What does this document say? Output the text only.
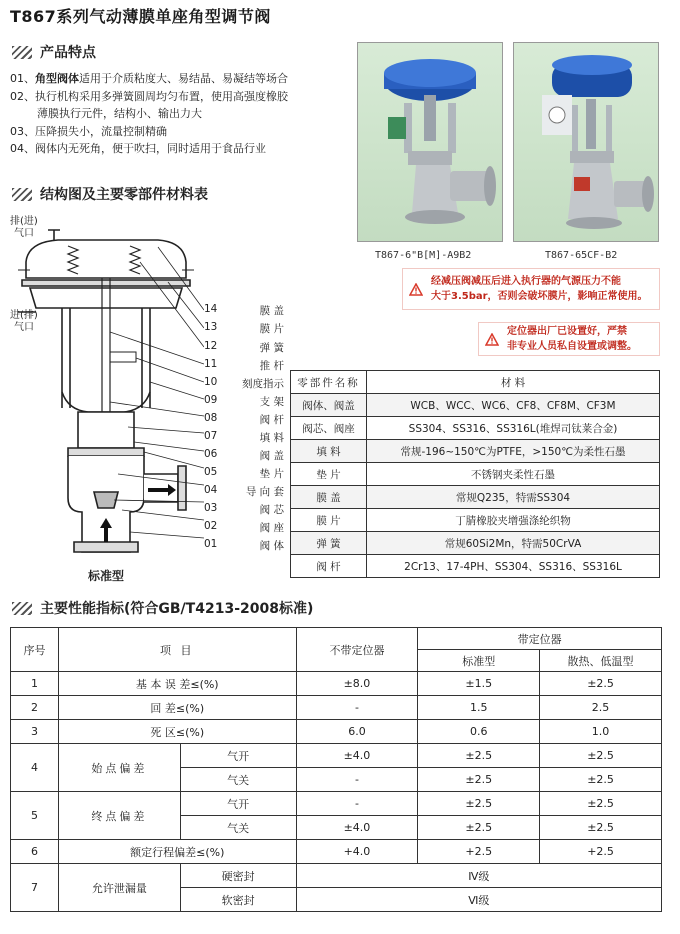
T867系列气动薄膜单座角型调节阀
产品特点
01、角型阀体适用于介质粘度大、易结晶、易凝结等场合
02、执行机构采用多弹簧圆周均匀布置，使用高强度橡胶
薄膜执行元件，结构小、输出力大
03、压降损失小，流量控制精确
04、阀体内无死角，便于吹扫，同时适用于食品行业
T867-6"B[M]-A9B2	T867-65CF-B2
经减压阀减压后进入执行器的气源压力不能
大于3.5bar，否则会破坏膜片，影响正常使用。
定位器出厂已设置好，严禁
非专业人员私自设置或调整。
结构图及主要零部件材料表
排(进)
气口
进(排)
气口
标准型
14	膜 盖
13	膜 片
12	弹 簧
11	推 杆
10 刻度指示
09	支 架
08	阀 杆
07	填 料
06	阀 盖
05	垫 片
04	导 向 套
03	阀 芯
02	阀 座
01	阀 体
零部件名称	材 料
阀体、阀盖	WCB、WCC、WC6、CF8、CF8M、CF3M
阀芯、阀座	SS304、SS316、SS316L(堆焊司钛莱合金)
填 料	常规-196~150℃为PTFE，>150℃为柔性石墨
垫 片	不锈钢夹柔性石墨
膜 盖	常规Q235，特需SS304
膜 片	丁腈橡胶夹增强涤纶织物
弹 簧	常规60Si2Mn，特需50CrVA
阀 杆	2Cr13、17-4PH、SS304、SS316、SS316L
主要性能指标(符合GB/T4213-2008标准)
序号	项 目		不带定位器	带定位器	
				标准型	散热、低温型
1	基 本 误 差≤(%)		±8.0	±1.5	±2.5
2	回 差≤(%)		-	1.5	2.5
3	死 区≤(%)		6.0	0.6	1.0
4	始点偏差	气开	±4.0	±2.5	±2.5
		气关	-	±2.5	±2.5
5	终点偏差	气开	-	±2.5	±2.5
		气关	±4.0	±2.5	±2.5
6	额定行程偏差≤(%)		+4.0	+2.5	+2.5
7	允许泄漏量	硬密封	Ⅳ级		
		软密封	Ⅵ级		
